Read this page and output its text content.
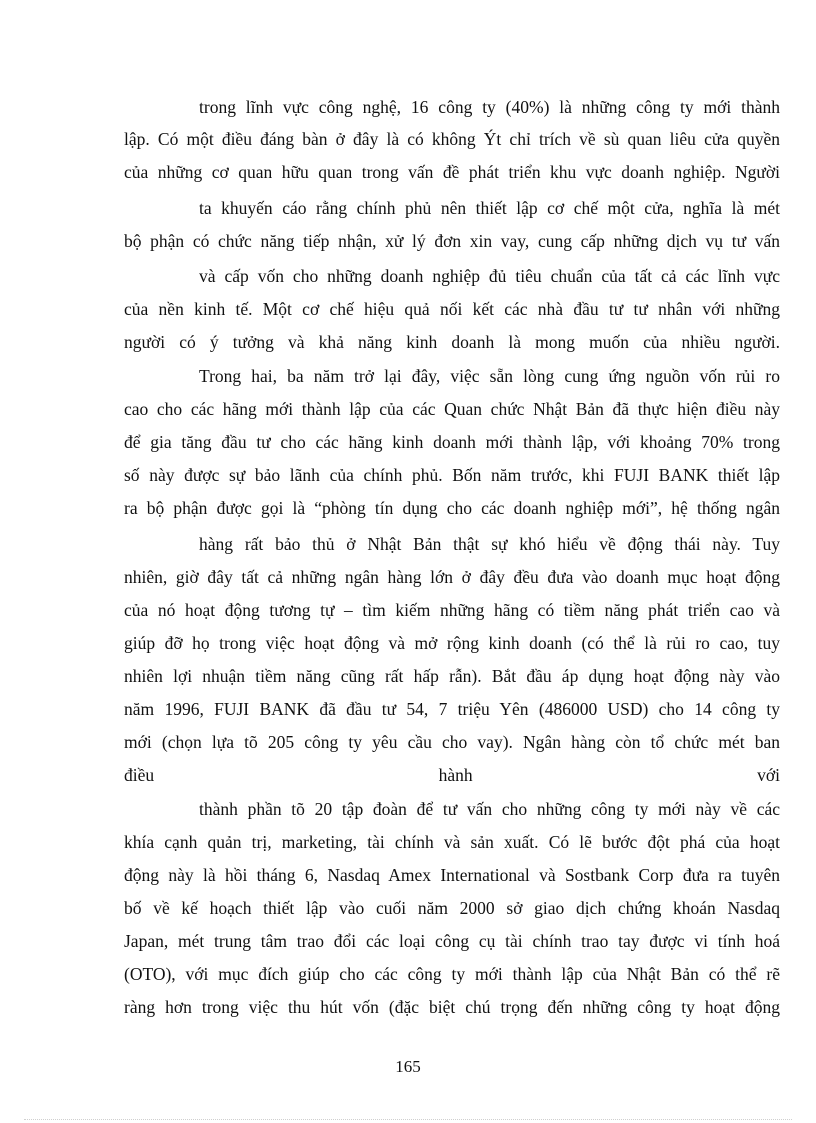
trong lĩnh vực công nghệ, 16 công ty (40%) là những công ty mới thành
lập. Có một điều đáng bàn ở đây là có không Ýt chỉ trích về sù quan liêu cửa quyền
của những cơ quan hữu quan trong vấn đề phát triển khu vực doanh nghiệp. Người
ta khuyến cáo rằng chính phủ nên thiết lập cơ chế một cửa, nghĩa là mét
bộ phận có chức năng tiếp nhận, xử lý đơn xin vay, cung cấp những dịch vụ tư vấn
và cấp vốn cho những doanh nghiệp đủ tiêu chuẩn của tất cả các lĩnh vực
của nền kinh tế. Một cơ chế hiệu quả nối kết các nhà đầu tư tư nhân với những
người có ý tưởng và khả năng kinh doanh là mong muốn của nhiều người.
Trong hai, ba năm trở lại đây, việc sẵn lòng cung ứng nguồn vốn rủi ro
cao cho các hãng mới thành lập của các Quan chức Nhật Bản đã thực hiện điều này
để gia tăng đầu tư cho các hãng kinh doanh mới thành lập, với khoảng 70% trong
số này được sự bảo lãnh của chính phủ. Bốn năm trước, khi FUJI BANK thiết lập
ra bộ phận được gọi là “phòng tín dụng cho các doanh nghiệp mới”, hệ thống ngân
hàng rất bảo thủ ở Nhật Bản thật sự khó hiểu về động thái này. Tuy
nhiên, giờ đây tất cả những ngân hàng lớn ở đây đều đưa vào doanh mục hoạt động
của nó hoạt động tương tự – tìm kiếm những hãng có tiềm năng phát triển cao và
giúp đỡ họ trong việc hoạt động và mở rộng kinh doanh (có thể là rủi ro cao, tuy
nhiên lợi nhuận tiềm năng cũng rất hấp rẫn). Bắt đầu áp dụng hoạt động này vào
năm 1996, FUJI BANK đã đầu tư 54, 7 triệu Yên (486000 USD) cho 14 công ty
mới (chọn lựa tõ 205 công ty yêu cầu cho vay). Ngân hàng còn tổ chức mét ban
điều hành với
thành phần tõ 20 tập đoàn để tư vấn cho những công ty mới này về các
khía cạnh quản trị, marketing, tài chính và sản xuất. Có lẽ bước đột phá của hoạt
động này là hồi tháng 6, Nasdaq Amex International và Sostbank Corp đưa ra tuyên
bố về kế hoạch thiết lập vào cuối năm 2000 sở giao dịch chứng khoán Nasdaq
Japan, mét trung tâm trao đổi các loại công cụ tài chính trao tay được vi tính hoá
(OTO), với mục đích giúp cho các công ty mới thành lập của Nhật Bản có thể rẽ
ràng hơn trong việc thu hút vốn (đặc biệt chú trọng đến những công ty hoạt động
165
